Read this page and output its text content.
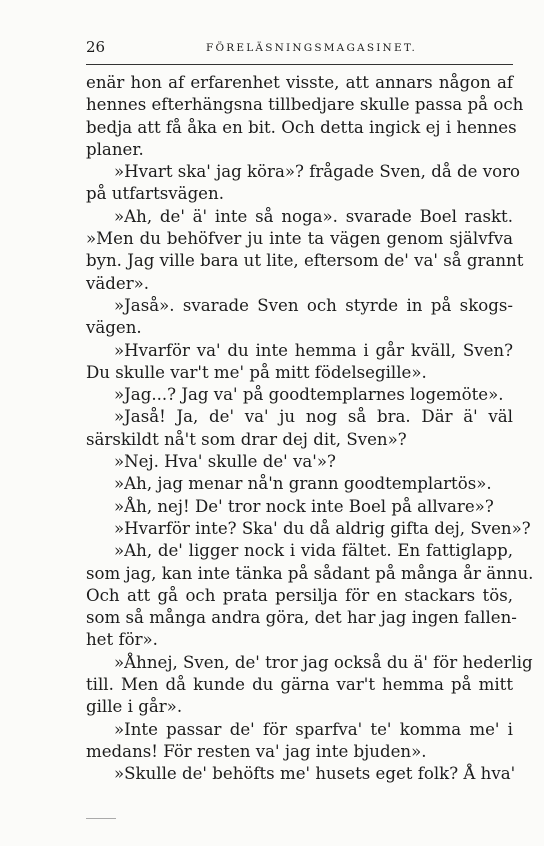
26	FÖRELÄSNINGSMAGASINET.

enär hon af erfarenhet visste, att annars någon af
hennes efterhängsna tillbedjare skulle passa på och
bedja att få åka en bit. Och detta ingick ej i hennes
planer.

»Hvart ska' jag köra»? frågade Sven, då de voro
på utfartsvägen.

»Ah, de' ä' inte så noga». svarade Boel raskt.
»Men du behöfver ju inte ta vägen genom självfva
byn. Jag ville bara ut lite, eftersom de' va' så grannt
väder».

»Jaså». svarade Sven och styrde in på skogs-
vägen.

»Hvarför va' du inte hemma i går kväll, Sven?
Du skulle var't me' på mitt födelsegille».

»Jag...? Jag va' på goodtemplarnes logemöte».

»Jaså! Ja, de' va' ju nog så bra. Där ä' väl
särskildt nå't som drar dej dit, Sven»?

»Nej. Hva' skulle de' va'»?

»Ah, jag menar nå'n grann goodtemplartös».

»Åh, nej! De' tror nock inte Boel på allvare»?

»Hvarför inte? Ska' du då aldrig gifta dej, Sven»?

»Ah, de' ligger nock i vida fältet. En fattiglapp,
som jag, kan inte tänka på sådant på många år ännu.
Och att gå och prata persilja för en stackars tös,
som så många andra göra, det har jag ingen fallen-
het för».

»Åhnej, Sven, de' tror jag också du ä' för hederlig
till. Men då kunde du gärna var't hemma på mitt
gille i går».

»Inte passar de' för sparfva' te' komma me' i
medans! För resten va' jag inte bjuden».

»Skulle de' behöfts me' husets eget folk? Å hva'
